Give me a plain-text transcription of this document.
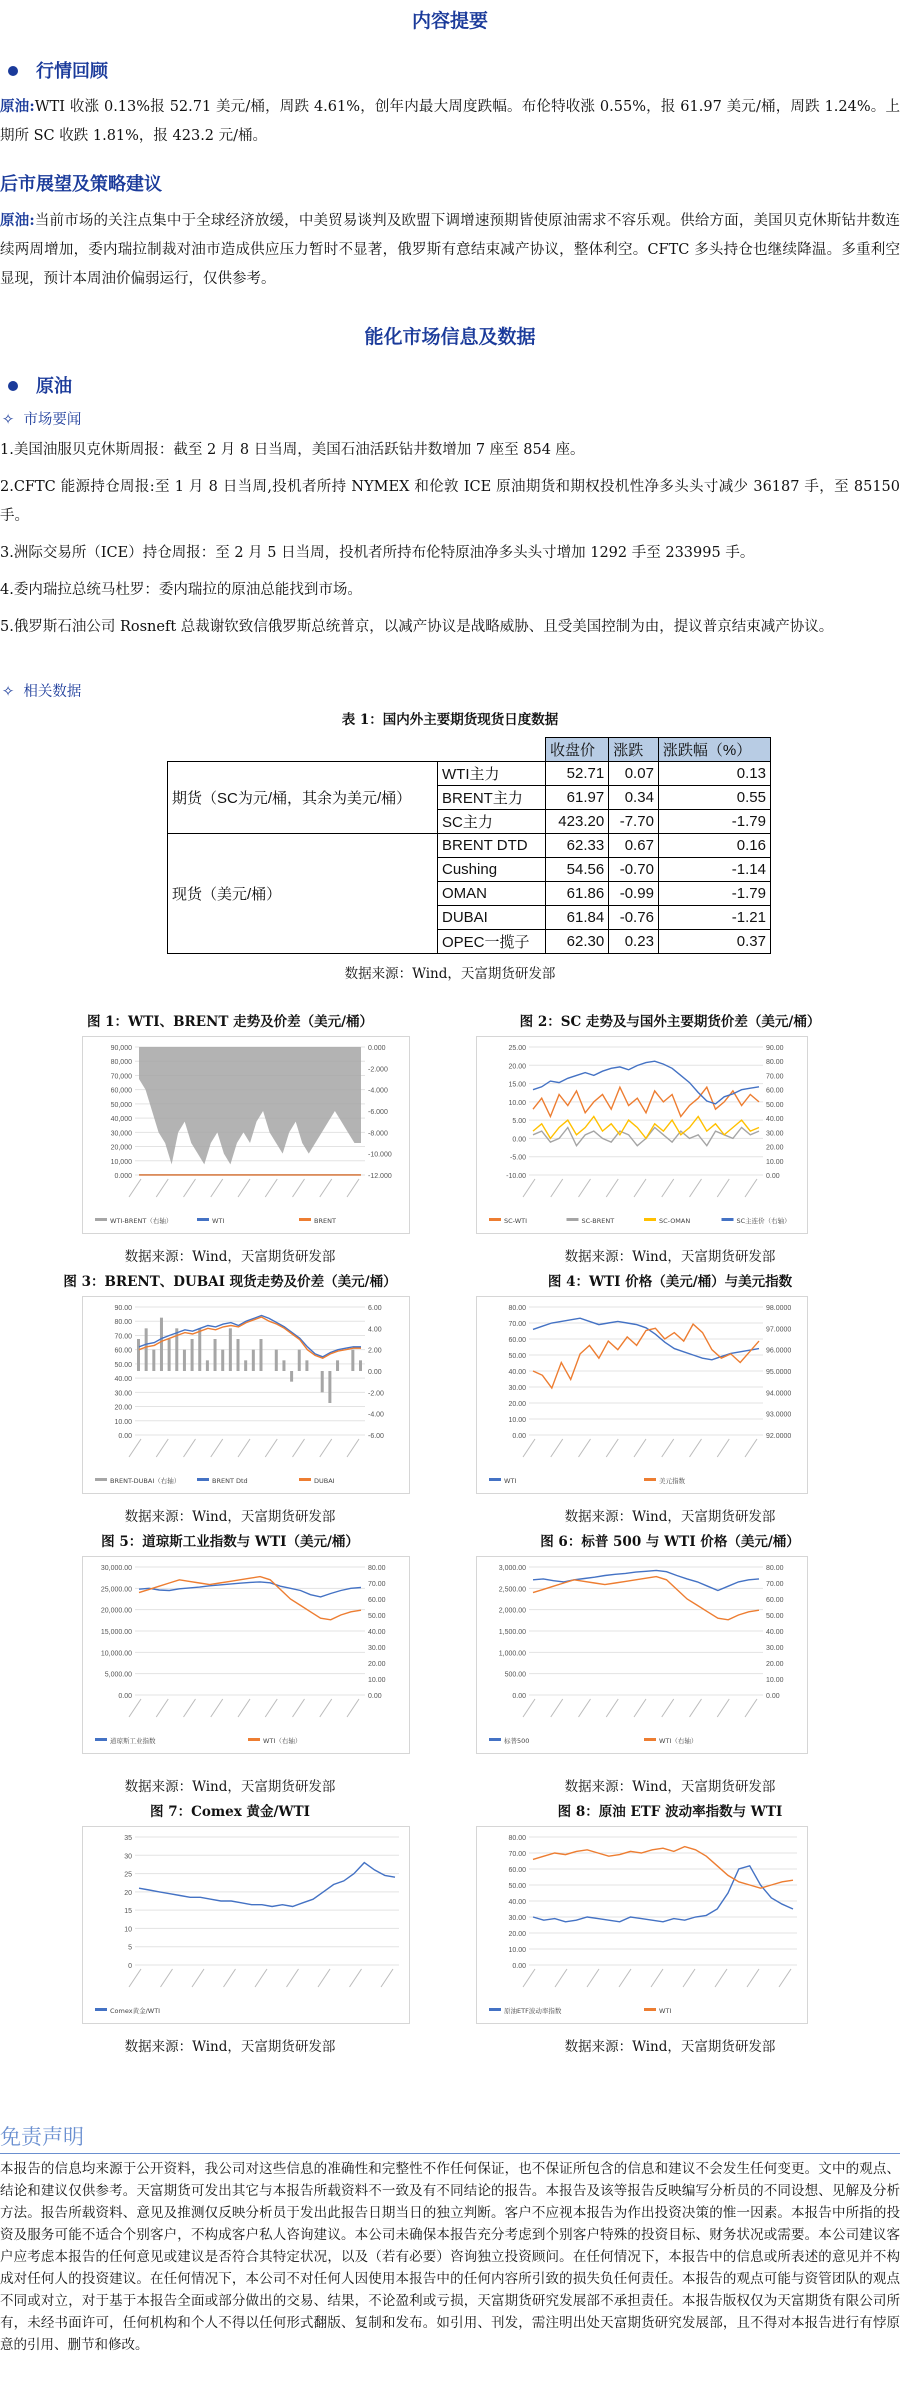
内容提要
行情回顾
原油:WTI 收涨 0.13%报 52.71 美元/桶，周跌 4.61%，创年内最大周度跌幅。布伦特收涨 0.55%，报 61.97 美元/桶，周跌 1.24%。上期所 SC 收跌 1.81%，报 423.2 元/桶。
后市展望及策略建议
原油:当前市场的关注点集中于全球经济放缓，中美贸易谈判及欧盟下调增速预期皆使原油需求不容乐观。供给方面，美国贝克休斯钻井数连续两周增加，委内瑞拉制裁对油市造成供应压力暂时不显著，俄罗斯有意结束减产协议，整体利空。CFTC 多头持仓也继续降温。多重利空显现，预计本周油价偏弱运行，仅供参考。
能化市场信息及数据
原油
✧ 市场要闻
1.美国油服贝克休斯周报：截至 2 月 8 日当周，美国石油活跃钻井数增加 7 座至 854 座。
2.CFTC 能源持仓周报:至 1 月 8 日当周,投机者所持 NYMEX 和伦敦 ICE 原油期货和期权投机性净多头头寸减少 36187 手，至 85150 手。
3.洲际交易所（ICE）持仓周报：至 2 月 5 日当周，投机者所持布伦特原油净多头头寸增加 1292 手至 233995 手。
4.委内瑞拉总统马杜罗：委内瑞拉的原油总能找到市场。
5.俄罗斯石油公司 Rosneft 总裁谢钦致信俄罗斯总统普京，以减产协议是战略威胁、且受美国控制为由，提议普京结束减产协议。
✧ 相关数据
表 1：国内外主要期货现货日度数据
		收盘价	涨跌	涨跌幅（%）
期货（SC为元/桶，其余为美元/桶）	WTI主力	52.71	0.07	0.13
	BRENT主力	61.97	0.34	0.55
	SC主力	423.20	-7.70	-1.79
现货（美元/桶）	BRENT DTD	62.33	0.67	0.16
	Cushing	54.56	-0.70	-1.14
	OMAN	61.86	-0.99	-1.79
	DUBAI	61.84	-0.76	-1.21
	OPEC一揽子	62.30	0.23	0.37
数据来源：Wind，天富期货研发部
图 1：WTI、BRENT 走势及价差（美元/桶）	图 2：SC 走势及与国外主要期货价差（美元/桶）
90,000
80,000
70,000
60,000
50,000
40,000
30,000
20,000
10,000
0.000
0.000
-2.000
-4.000
-6.000
-8.000
-10.000
-12.000
WTI-BRENT（右轴）	WTI	BRENT
25.00
20.00
15.00
10.00
5.00
0.00
-5.00
-10.00
90.00
80.00
70.00
60.00
50.00
40.00
30.00
20.00
10.00
0.00
SC-WTI	SC-BRENT	SC-OMAN	SC主连价（右轴）
数据来源：Wind，天富期货研发部	数据来源：Wind，天富期货研发部
图 3：BRENT、DUBAI 现货走势及价差（美元/桶）	图 4：WTI 价格（美元/桶）与美元指数
90.00
80.00
70.00
60.00
50.00
40.00
30.00
20.00
10.00
0.00
6.00
4.00
2.00
0.00
-2.00
-4.00
-6.00
BRENT-DUBAI（右轴）	BRENT Dtd	DUBAI
80.00
70.00
60.00
50.00
40.00
30.00
20.00
10.00
0.00
98.0000
97.0000
96.0000
95.0000
94.0000
93.0000
92.0000
WTI	美元指数
数据来源：Wind，天富期货研发部	数据来源：Wind，天富期货研发部
图 5：道琼斯工业指数与 WTI（美元/桶）	图 6：标普 500 与 WTI 价格（美元/桶）
30,000.00
25,000.00
20,000.00
15,000.00
10,000.00
5,000.00
0.00
80.00
70.00
60.00
50.00
40.00
30.00
20.00
10.00
0.00
道琼斯工业指数	WTI（右轴）
3,000.00
2,500.00
2,000.00
1,500.00
1,000.00
500.00
0.00
80.00
70.00
60.00
50.00
40.00
30.00
20.00
10.00
0.00
标普500	WTI（右轴）
数据来源：Wind，天富期货研发部	数据来源：Wind，天富期货研发部
图 7：Comex 黄金/WTI	图 8：原油 ETF 波动率指数与 WTI
35
30
25
20
15
10
5
0
Comex黄金/WTI
80.00
70.00
60.00
50.00
40.00
30.00
20.00
10.00
0.00
原油ETF波动率指数	WTI
数据来源：Wind，天富期货研发部	数据来源：Wind，天富期货研发部
免责声明
本报告的信息均来源于公开资料，我公司对这些信息的准确性和完整性不作任何保证，也不保证所包含的信息和建议不会发生任何变更。文中的观点、结论和建议仅供参考。天富期货可发出其它与本报告所载资料不一致及有不同结论的报告。本报告及该等报告反映编写分析员的不同设想、见解及分析方法。报告所载资料、意见及推测仅反映分析员于发出此报告日期当日的独立判断。客户不应视本报告为作出投资决策的惟一因素。本报告中所指的投资及服务可能不适合个别客户，不构成客户私人咨询建议。本公司未确保本报告充分考虑到个别客户特殊的投资目标、财务状况或需要。本公司建议客户应考虑本报告的任何意见或建议是否符合其特定状况，以及（若有必要）咨询独立投资顾问。在任何情况下，本报告中的信息或所表述的意见并不构成对任何人的投资建议。在任何情况下，本公司不对任何人因使用本报告中的任何内容所引致的损失负任何责任。本报告的观点可能与资管团队的观点不同或对立，对于基于本报告全面或部分做出的交易、结果，不论盈利或亏损，天富期货研究发展部不承担责任。本报告版权仅为天富期货有限公司所有，未经书面许可，任何机构和个人不得以任何形式翻版、复制和发布。如引用、刊发，需注明出处天富期货研究发展部，且不得对本报告进行有悖原意的引用、删节和修改。
